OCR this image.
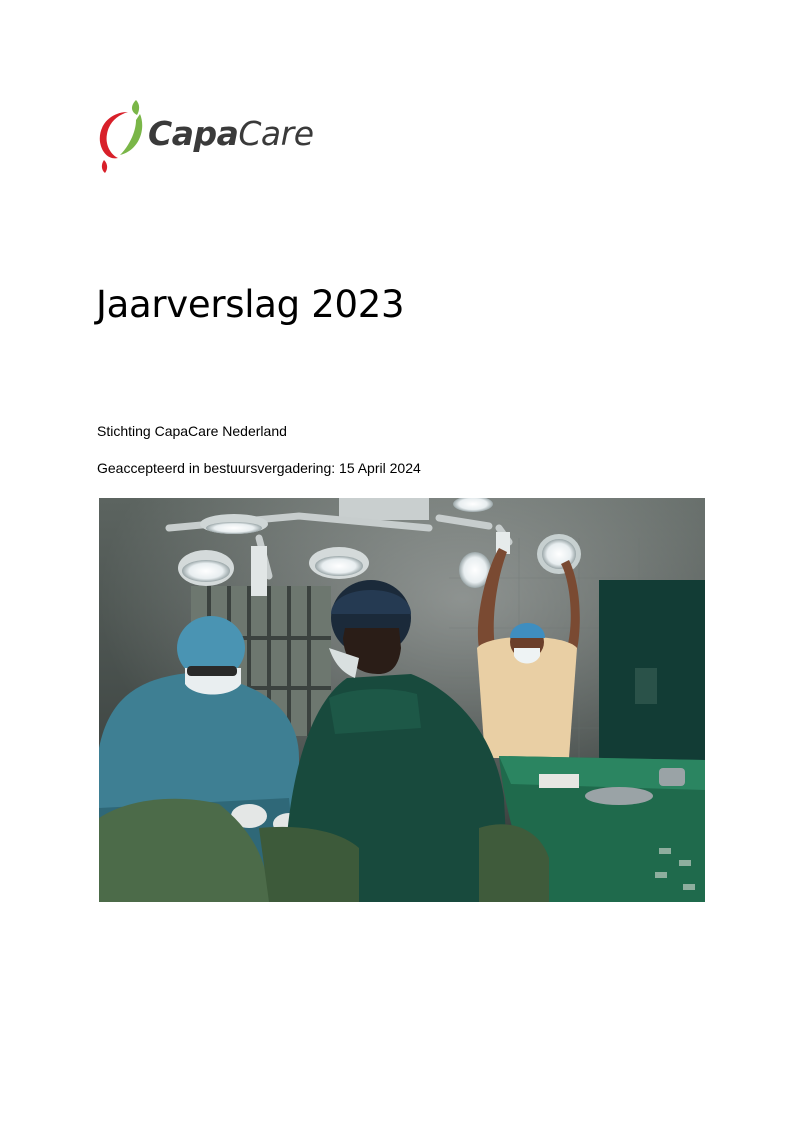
CapaCare
Jaarverslag 2023
Stichting CapaCare Nederland
Geaccepteerd in bestuursvergadering: 15 April 2024
